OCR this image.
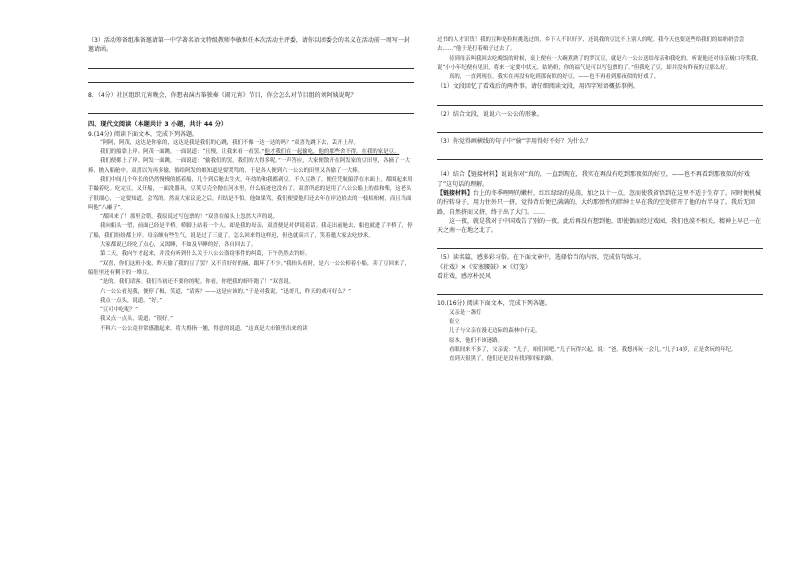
（3）活动筹备组准备邀请第一中学著名语文特级教师李敏担任本次活动主评委，请你以团委会的名义在活动前一周写一封邀请函。

8．（4分）社区组织元宵晚会，你想表演古筝独奏《闹元宵》节目，你会怎么对节目组的刘阿姨说呢？

四、现代文阅读（本题共计 3 小题，共计 44 分）

9.(14分) 阅读下面文本，完成下列各题。

“阿阿，阿茂，这达是你家的，这达是我是我们的心跳，我们不像一达一达的吗？”双喜先跳下去，丢开上岸。

我们的船靠上岸。阿茂一面跳，一面说道：“且慢，让我来看一看罢。”他才我们在一起偷吃，他的那些舍不得，在我的家是豆。

我们便都上了岸。阿发一面跳，一面说道：“偷我们的罢，我们的大得多呢。”一声答应，大家便散开在阿发家的豆田里，各摘了一大捧，抛入船舱中。双喜以为再多偷，倘给阿发的娘知道是要哭骂的，于是各人便到六一公公的田里又各偷了一大捧。

我们中间几个年长的仍然慢慢的摇着船，几个到后舱去生火，年幼的和我都剥豆。不久豆熟了，便任凭航船浮在水面上，都围起来用手撮着吃。吃完豆，又开船，一面洗器具，豆荚豆壳全抛在河水里，什么痕迹也没有了。双喜所虑的是用了八公公船上的盐和柴，这老头子很细心，一定要知道，会骂的。然而大家议论之后，归结是不怕。他如果骂，我们便要他归还去年在岸边拾去的一枝枯桕树，而且当面叫他“八癞子”。

“都回来了！那里会错。我原说过写包票的！”双喜在船头上忽然大声的说。

我向船头一望，前面已经是平桥。桥脚上站着一个人，却是我的母亲，双喜便是对伊说着话。我走出前舱去，船也就进了平桥了，停了船，我们纷纷都上岸。母亲颇有些生气，说是过了三更了，怎么回来得这样迟，但也就高兴了，笑着邀大家去吃炒米。

大家都说已经吃了点心，又渴睡，不如及早睡的好，各自回去了。

第二天，我向午才起来，并没有听到什么关于八公公盗窃事件的纠葛，下午仍然去钓虾。

“双喜，你们这班小鬼，昨天偷了我的豆了罢？又不肯好好的摘，蹋坏了不少。”我抬头看时，是六一公公棹着小船，卖了豆回来了，船肚里还有剩下的一堆豆。

“是的。我们请客。我们当初还不要你的呢。你看，你把我的虾吓跑了！”双喜说。

六一公公看见我，便停了楫，笑道，“请客？——这是应该的。”于是对我说，“迅哥儿，昨天的戏可好么？”

我点一点头，说道，“好。”

“豆可中吃呢？”

我又点一点头，说道，“很好。”

不料六一公公竟非常感激起来，将大拇指一翘，得意的说道，“这真是大市镇里出来的读

过书的人才识货！我的豆种是粒粒挑选过的，乡下人不识好歹，还说我的豆比不上别人的呢。我今天也要送些给我们的姑奶奶尝尝去……”他于是打着楫子过去了。

待到母亲叫我回去吃晚饭的时候，桌上便有一大碗煮熟了的罗汉豆，就是六一公公送给母亲和我吃的。听说他还对母亲极口夸奖我，说“小小年纪便有见识，将来一定要中状元。姑奶奶，你的福气是可以写包票的了。”但我吃了豆，却并没有昨夜的豆那么好。

真的，一直到现在，我实在再没有吃到那夜似的好豆，——也不再看到那夜似的好戏了。

（1）文段回忆了看戏后的两件事。请仔细阅读文段，用四字短语概括事例。

（2）结合文段，说说六一公公的形象。

（3）你觉得画横线的句子中“偷”字用得好不好？为什么？

（4）结合【链接材料】说说你对“真的，一直到现在，我实在再没有吃到那夜似的好豆，——也不再看到那夜似的好戏了”这句话的理解。

【链接材料】台上的冬季哩哩的嫩杆，红红绿绿的晃荡，加之以十一点，忽而使我省悟到在这里不适于生存了。同时便机械的拧转身子，用力往外只一挤，觉得背后便已满满的，大约那弹性的胖绅士早在我的空处胖开了他的右半身了。我后无回路，自然挤而又挤，终于出了大门。……

这一夜，就是我对于中国戏告了别的一夜，此后再没有想到他，即使偶而经过戏园，我们也漠不相关，精神上早已一在天之南一在地之北了。

（5）读名篇，感多彩习俗。在下面文章中，选择恰当的内容，完成仿句练习。

《社戏》✕《安塞腰鼓》✕《灯笼》

看社戏，感淳朴民风

10.(16分) 阅读下面文本，完成下列各题。

又亲是一盏灯

崔立

儿子与父亲在漫无边际的森林中行走。

原本，他们不该迷路。

看眼间来不多了，父亲说：“儿子，咱们回吧。”儿子玩得兴起，说：“爸，我想再玩一会儿。”儿子14岁，正是贪玩的年纪。

直到天很黑了，他们还是没有找到回家的路。
